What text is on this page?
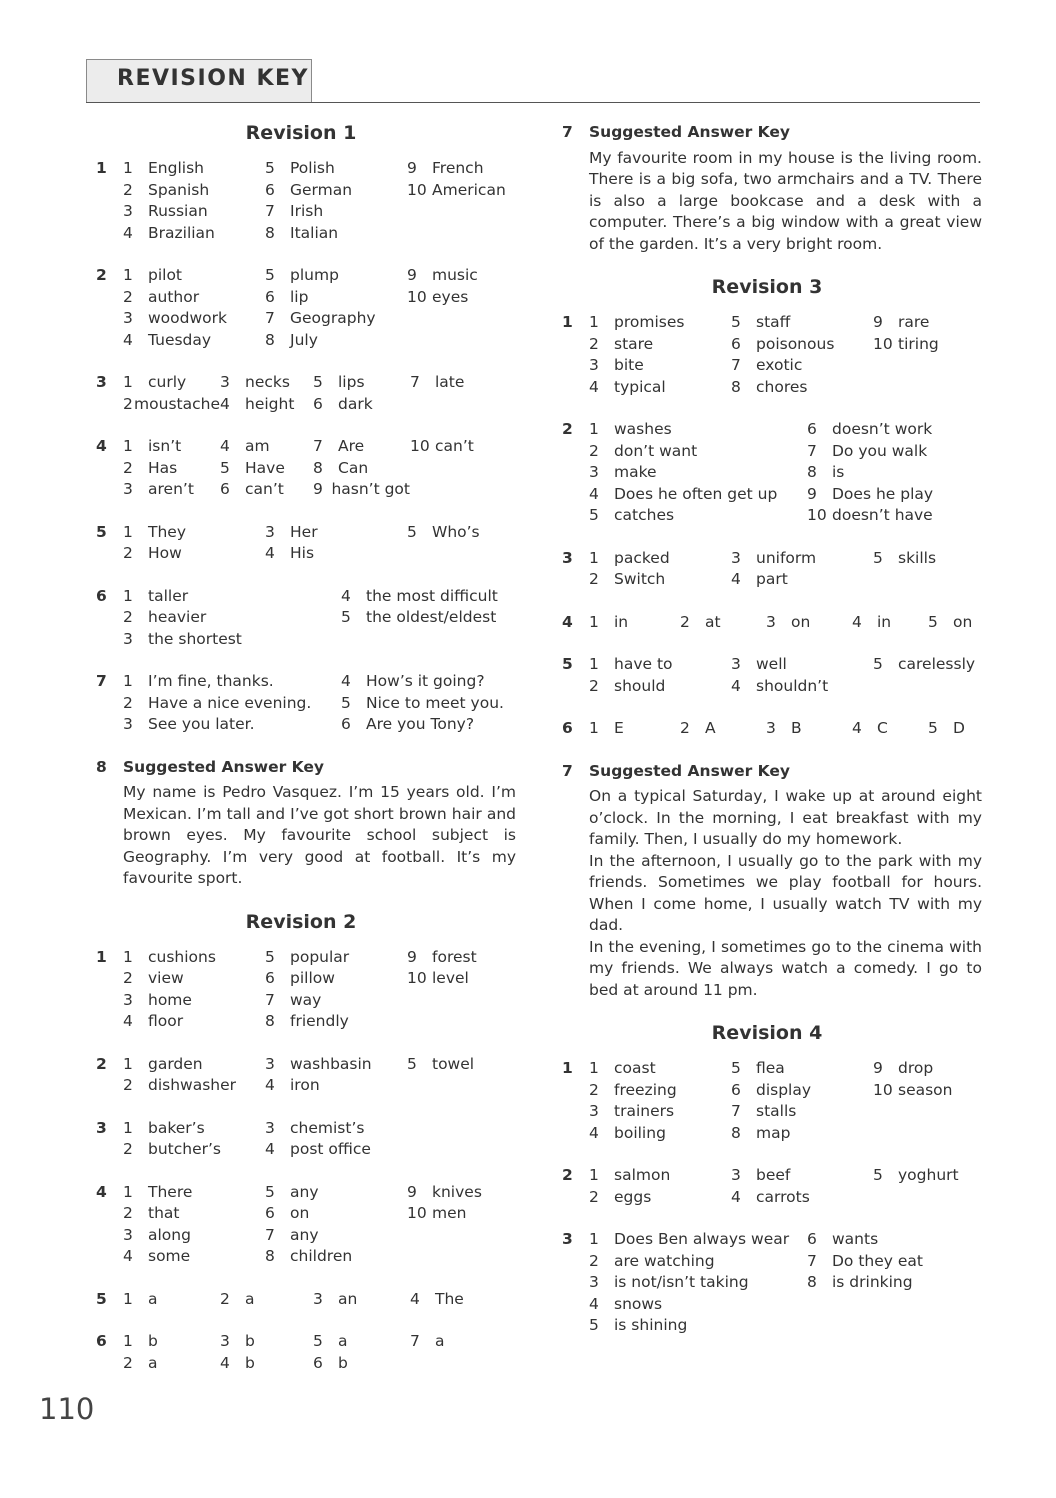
REVISION KEY
Revision 1
1 1 English	5 Polish	9 French
2 Spanish	6 German	10 American
3 Russian	7 Irish
4 Brazilian	8 Italian
2 1 pilot	5 plump	9 music
2 author	6 lip	10 eyes
3 woodwork 7 Geography
4 Tuesday	8 July
3 1 curly 3 necks 5 lips	7 late
2 moustache 4 height 6 dark
4 1 isn’t	4 am	7 Are	10 can’t
2 Has	5 Have 8 Can
3 aren’t 6 can’t 9 hasn’t got
5 1 They	3 Her	5 Who’s
2 How	4 His
6 1 taller	4 the most difficult
2 heavier	5 the oldest/eldest
3 the shortest
7 1 I’m fine, thanks.	4 How’s it going?
2 Have a nice evening. 5 Nice to meet you.
3 See you later.	6 Are you Tony?
8 Suggested Answer Key
My name is Pedro Vasquez. I’m 15 years old. I’m Mexican. I’m tall and I’ve got short brown hair and brown eyes. My favourite school subject is Geography. I’m very good at football. It’s my favourite sport.
Revision 2
1 1 cushions	5 popular	9 forest
2 view	6 pillow	10 level
3 home	7 way
4 floor	8 friendly
2 1 garden	3 washbasin 5 towel
2 dishwasher 4 iron
3 1 baker’s	3 chemist’s
2 butcher’s	4 post office
4 1 There	5 any	9 knives
2 that	6 on	10 men
3 along	7 any
4 some	8 children
5 1 a	2 a	3 an	4 The
6 1 b	3 b	5 a	7 a
2 a	4 b	6 b
7 Suggested Answer Key
My favourite room in my house is the living room. There is a big sofa, two armchairs and a TV. There is also a large bookcase and a desk with a computer. There’s a big window with a great view of the garden. It’s a very bright room.
Revision 3
1 1 promises	5 staff	9 rare
2 stare	6 poisonous 10 tiring
3 bite	7 exotic
4 typical	8 chores
2 1 washes	6 doesn’t work
2 don’t want	7 Do you walk
3 make	8 is
4 Does he often get up 9 Does he play
5 catches	10 doesn’t have
3 1 packed	3 uniform	5 skills
2 Switch	4 part
4 1 in	2 at	3 on	4 in 5 on
5 1 have to	3 well	5 carelessly
2 should	4 shouldn’t
6 1 E	2 A	3 B	4 C	5 D
7 Suggested Answer Key

On a typical Saturday, I wake up at around eight o’clock. In the morning, I eat breakfast with my family. Then, I usually do my homework.

In the afternoon, I usually go to the park with my friends. Sometimes we play football for hours. When I come home, I usually watch TV with my dad.

In the evening, I sometimes go to the cinema with my friends. We always watch a comedy. I go to bed at around 11 pm.

Revision 4
1 1 coast	5 flea	9 drop
2 freezing	6 display	10 season
3 trainers	7 stalls
4 boiling	8 map
2 1 salmon	3 beef	5 yoghurt
2 eggs	4 carrots
3 1 Does Ben always wear 6 wants
2 are watching	7 Do they eat
3 is not/isn’t taking	8 is drinking
4 snows
5 is shining
110
